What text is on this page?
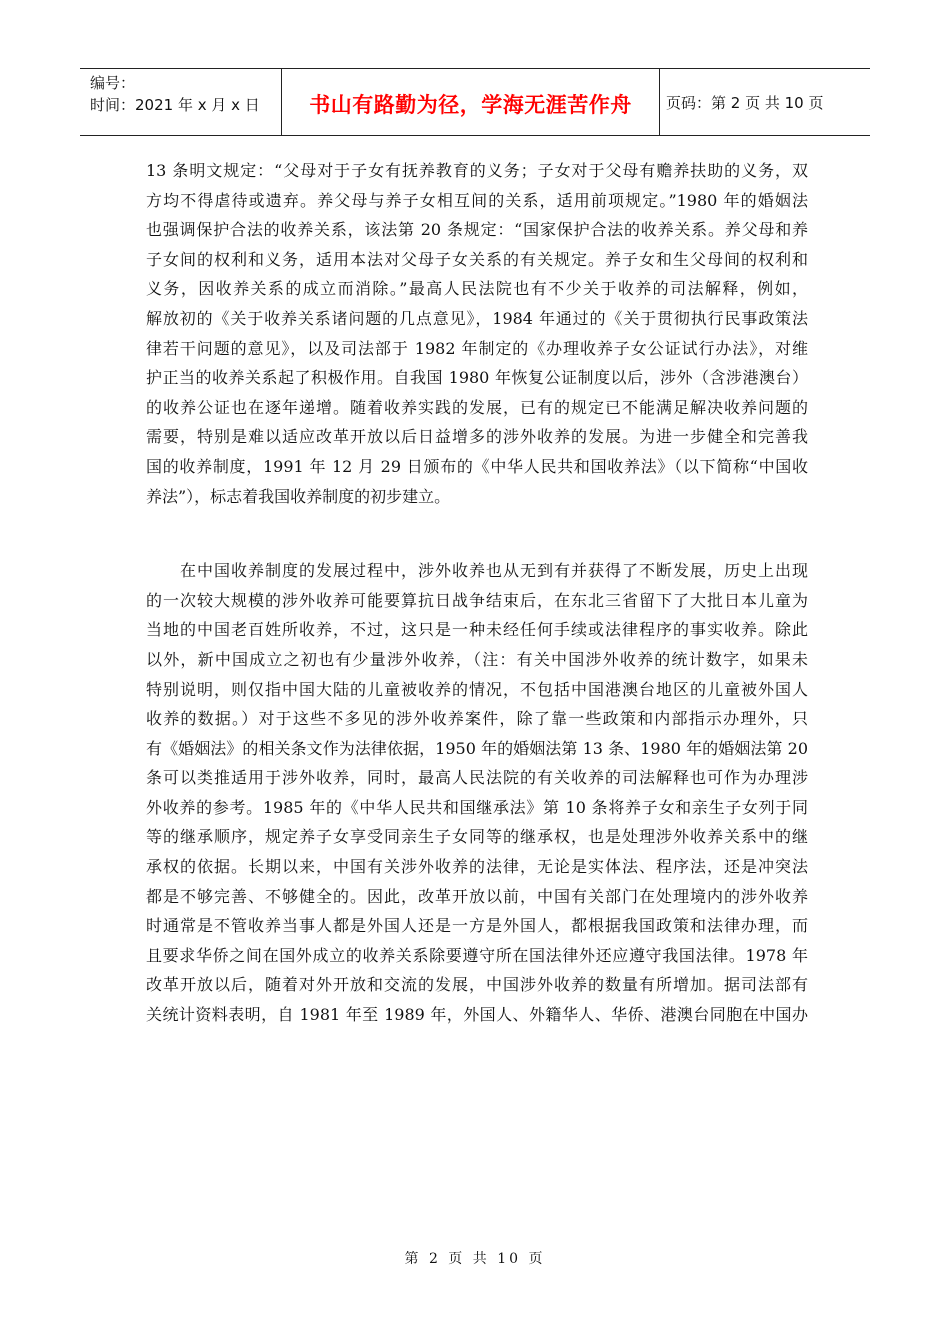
编号：
时间：2021 年 x 月 x 日	书山有路勤为径，学海无涯苦作舟	页码：第 2 页 共 10 页
13 条明文规定：“父母对于子女有抚养教育的义务；子女对于父母有赡养扶助的义务，双
方均不得虐待或遗弃。养父母与养子女相互间的关系，适用前项规定。”1980 年的婚姻法
也强调保护合法的收养关系，该法第 20 条规定：“国家保护合法的收养关系。养父母和养
子女间的权利和义务，适用本法对父母子女关系的有关规定。养子女和生父母间的权利和
义务，因收养关系的成立而消除。”最高人民法院也有不少关于收养的司法解释，例如，
解放初的《关于收养关系诸问题的几点意见》，1984 年通过的《关于贯彻执行民事政策法
律若干问题的意见》，以及司法部于 1982 年制定的《办理收养子女公证试行办法》，对维
护正当的收养关系起了积极作用。自我国 1980 年恢复公证制度以后，涉外（含涉港澳台）
的收养公证也在逐年递增。随着收养实践的发展，已有的规定已不能满足解决收养问题的
需要，特别是难以适应改革开放以后日益增多的涉外收养的发展。为进一步健全和完善我
国的收养制度，1991 年 12 月 29 日颁布的《中华人民共和国收养法》（以下简称“中国收
养法”），标志着我国收养制度的初步建立。
　　在中国收养制度的发展过程中，涉外收养也从无到有并获得了不断发展，历史上出现
的一次较大规模的涉外收养可能要算抗日战争结束后，在东北三省留下了大批日本儿童为
当地的中国老百姓所收养，不过，这只是一种未经任何手续或法律程序的事实收养。除此
以外，新中国成立之初也有少量涉外收养，（注：有关中国涉外收养的统计数字，如果未
特别说明，则仅指中国大陆的儿童被收养的情况，不包括中国港澳台地区的儿童被外国人
收养的数据。）对于这些不多见的涉外收养案件，除了靠一些政策和内部指示办理外，只
有《婚姻法》的相关条文作为法律依据，1950 年的婚姻法第 13 条、1980 年的婚姻法第 20
条可以类推适用于涉外收养，同时，最高人民法院的有关收养的司法解释也可作为办理涉
外收养的参考。1985 年的《中华人民共和国继承法》第 10 条将养子女和亲生子女列于同
等的继承顺序，规定养子女享受同亲生子女同等的继承权，也是处理涉外收养关系中的继
承权的依据。长期以来，中国有关涉外收养的法律，无论是实体法、程序法，还是冲突法
都是不够完善、不够健全的。因此，改革开放以前，中国有关部门在处理境内的涉外收养
时通常是不管收养当事人都是外国人还是一方是外国人，都根据我国政策和法律办理，而
且要求华侨之间在国外成立的收养关系除要遵守所在国法律外还应遵守我国法律。1978 年
改革开放以后，随着对外开放和交流的发展，中国涉外收养的数量有所增加。据司法部有
关统计资料表明，自 1981 年至 1989 年，外国人、外籍华人、华侨、港澳台同胞在中国办
第 2 页 共 10 页
